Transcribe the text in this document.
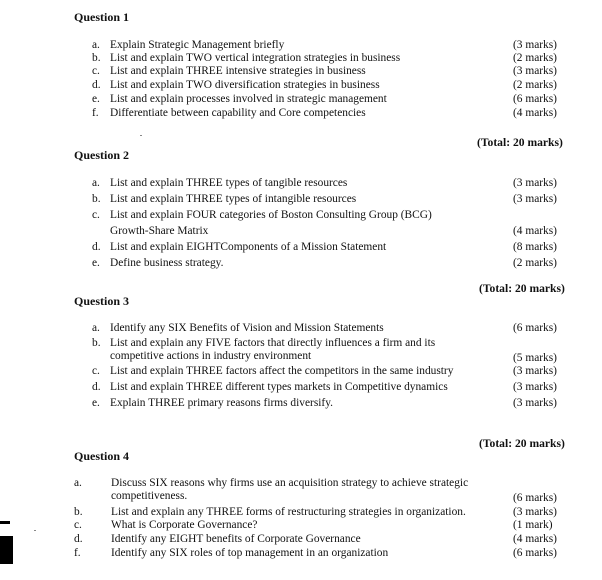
Question 1
a. Explain Strategic Management briefly	(3 marks)
b. List and explain TWO vertical integration strategies in business	(2 marks)
c. List and explain THREE intensive strategies in business	(3 marks)
d. List and explain TWO diversification strategies in business	(2 marks)
e. List and explain processes involved in strategic management	(6 marks)
f. Differentiate between capability and Core competencies	(4 marks)
(Total: 20 marks)
Question 2
a. List and explain THREE types of tangible resources	(3 marks)
b. List and explain THREE types of intangible resources	(3 marks)
c. List and explain FOUR categories of Boston Consulting Group (BCG)
Growth-Share Matrix	(4 marks)
d. List and explain EIGHTComponents of a Mission Statement	(8 marks)
e. Define business strategy.	(2 marks)
(Total: 20 marks)
Question 3
a. Identify any SIX Benefits of Vision and Mission Statements	(6 marks)
b. List and explain any FIVE factors that directly influences a firm and its
competitive actions in industry environment	(5 marks)
c. List and explain THREE factors affect the competitors in the same industry	(3 marks)
d. List and explain THREE different types markets in Competitive dynamics	(3 marks)
e. Explain THREE primary reasons firms diversify.	(3 marks)
(Total: 20 marks)
Question 4
a.	Discuss SIX reasons why firms use an acquisition strategy to achieve strategic
competitiveness.	(6 marks)
b. List and explain any THREE forms of restructuring strategies in organization.	(3 marks)
c.	What is Corporate Governance?	(1 mark)
d. Identify any EIGHT benefits of Corporate Governance	(4 marks)
f.	Identify any SIX roles of top management in an organization	(6 marks)
